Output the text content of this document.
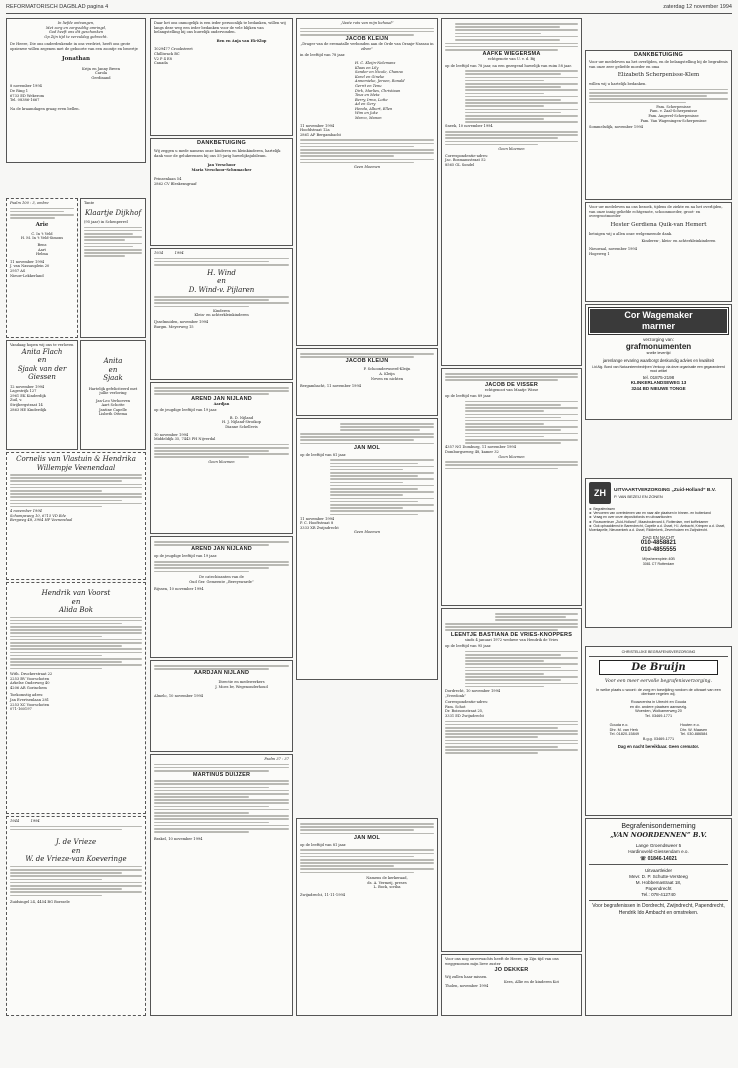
REFORMATORISCH DAGBLAD pagina 4	zaterdag 12 november 1994
In liefde ontvangen,
Met zorg en zorgvuldig omringd,
God heeft ons dit geschonken
Op Zijn tijd te vervuldag gebracht.
De Heere, Die ons onderdrukende in ons verdriet, heeft ons grote opzienwe willen zegenen met de geboorte van een zoontje en broertje
Jonathan
Krijn en Janny Breen
Carola
Gerdinand
8 november 1994
De Ring 1
6733 ED Wekerom
Tel. 08386-1667
Na de kraamdagen graag even bellen.
Psalm 100 : 3, ombre
Arie
C. In 't Veld
H. M. In 't Veld-Simons
Bens
Aart
Helma
11 november 1994
J. van Nassauplein 20
2957 AS
Nieuw-Lekkerland
Tante
Klaartje Dijkhof
(95 jaar) in Schenperrel
Vandaag hopen wij ons te verloven
Anita Flach
en
Sjaak van der Giessen
12 november 1994
Lagestrijk 127
2961 EK Kinderdijk
Zuil, v.
Strijbergstraat 14
2863 HE Kinderdijk
Anita
en
Sjaak
Hartelijk gefeliciteerd met jullie verloving
Jan-Leo Verhoeven
Aart Schotte
Jantine Capelle
Lisbeth Ottema
Cornelis van Vlastuin & Hendrika Willempje Veenendaal
4 november 1994
Schampsweg 10, 6715 VD Ede
Bergweg 48, 3904 HP Veenendaal
Hendrik van Voorst
en
Alida Bok
With. Druckerstraat 22
2253 BV Voorschoten
Arkelse Onderweg 40
4206 AR Gorinchem
Toekomstig adres:
Jan Evertsenlaan 281
2253 XC Voorschoten
071-160197
1944          1994
J. de Vrieze
en
W. de Vrieze-van Koeveringe
Zuidsingel 24, 4454 BG Borssele
Daar het ons onmogelijk is een ieder persoonlijk te bedanken, willen wij langs deze weg een ieder bedanken voor de vele blijken van belangstelling bij ons huwelijk ondervonden.
Ben en Anja van Ek-Klop
1029477 Crookstreet
Chilliwack BC
V2 P 4 E8
Canada
DANKBETUIGING
Wij zeggen u mede namens onze kinderen en kleinkinderen, hartelijk dank voor de gelukwensen bij ons 55-jarig huwelijksjubileum.
Jan Verschoor
Maria Verschoor-Schumacher
Prinsenlaan 54
2862 CV Bleskensgraaf
1934          1994
H. Wind
en
D. Wind-v. Pijlaren
Kinderen
Klein- en achterkleinkinderen
IJsselmuiden, november 1994
Burgm. Meyerweg 15
AREND JAN NIJLAND
Aardjan
op de jeugdige leeftijd van 19 jaar.
B. D. Nijland
H. J. Nijland-Stroikop
Dianne Schellevis
10 november 1994
Middeldijk 35, 7443 PH Nijverdal
Geen bloemen
AREND JAN NIJLAND
op de jeugdige leeftijd van 19 jaar.
De catechisanten van de
Oud Ger. Gemeente „Bereyswarde”
Rijssen, 10 november 1994
AARDJAN NIJLAND
Directie en medewerkers
J. Moes bv, Wegenonderhoud
Almelo, 10 november 1994
Psalm 37 : 37
MARTINUS DUIJZER
Brakel, 10 november 1994
„Vaste rots van mijn behoud”
JACOB KLEIJN
„Drager van de erematalle verbonden aan de Orde van Oranje-Nassau in zilver”
in de leeftijd van 78 jaar.
H. C. Kleijn-Nelemans
Klaas en Lily
Sander en Nicole, Channa
Karel en Gineke
Annemieke, Jeroen, Ronald
Gerrit en Tenu
Dirk, Marlies, Christiaan
Teus en Meta
Berry, Irma, Lotte
Ad en Gery
Henda, Albert, Ellen
Wim en Joke
Marco, Manon
11 november 1994
Hoofdstraat 12a
2861 AP Bergambacht
Geen bloemen
JACOB KLEIJN
P. Schoonderwoerd-Kleijn
A. Kleijn
Neven en nichten
Bergambacht, 11 november 1994
JAN MOL
op de leeftijd van 81 jaar.
11 november 1994
P. C. Hooftstraat 8
3333 XR Zwijndrecht
Geen bloemen
JAN MOL
op de leeftijd van 81 jaar.
Namens de kerkeraad,
ds. A. Vermeij, preses
L. Bock, scriba
Zwijndrecht, 11-11-1994
AAFKE WIEGERSMA
echtgenote van U. v. d. Bij
op de leeftijd van 78 jaar, na een gezegend huwelijk van ruim 58 jaar.
Sneek, 10 november 1994
Geen bloemen
Correspondentie-adres:
Jac. Bosmansstraat 52
8565 GL Sondel
JACOB DE VISSER
echtgenoot van Maatje Wisse
op de leeftijd van 89 jaar.
4357 NG Domburg, 11 november 1994
Domburgseweg 48, kamer 32
Geen bloemen
LEENTJE BASTIANA DE VRIES-KNOPPERS
sinds 4 januari 1972 weduwe van Hendrik de Vries
op de leeftijd van 95 jaar.
Dordrecht, 10 november 1994
„Vreedonk”
Correspondentie-adres:
Fam. Schot
Dr. Boissonstraat 25,
3331 ED Zwijndrecht
Voor ons nog onverwachts heeft de Heere, op Zijn tijd van ons weggenomen mijn lieve zuster
JO DEKKER
Wij zullen haar missen.
Kees, Allie en de kinderen Kot
Tholen, november 1994
DANKBETUIGING
Voor uw medeleven na het overlijden, en de belangstelling bij de begrafenis van onze zeer geliefde moeder en oma
Elizabeth Scherpenisse-Klem
willen wij u hartelijk bedanken.
Fam. Scherpenisse
Fam. v. Zaal-Scherpenisse
Fam. Angevel-Scherpenisse
Fam. Van Wageningen-Scherpenisse
Sommelsdijk, november 1994
Voor uw medeleven na ons bezoek, tijdens de ziekte en na het overlijden, van onze innig geliefde echtgenote, schoonmoeder, groot- en overgrootmoeder
Hester Gerdiena Quik-van Hemert
betuigen wij u allen onze welgemeende dank.
Kinderen-, klein- en achterkleinkinderen
Nieuwaal, november 1994
Hogeweg 1
Cor Wagemaker
marmer
verzorging van:
grafmonumenten
snelle levertijd
jarenlange ervaring waarborgt deskundig advies en kwaliteit
Lid Alg. Bond van Natuursteenbedrijven Verkoop via deze organisatie een gegarandeerd mooi artikel
tel. 01875-2198
KLINKERLANDSEWEG 13
3244 BD NIEUWE TONGE
ZH	UITVAARTVERZORGING „Zuid-Holland” B.V.
P. VAN BEZEIJ EN ZONEN
► Begrafenissen
► Vervoeren van overledenen van en naar alle plaatsen in binnen- en buitenland
► Vraag en over onze depositofonds en uitvaartkosten
► Rouwcentrum „Zuid-Holland”, Maasboulevard 4, Rotterdam, met koffiekamer
► Ook ophaaldienst in Barendrecht, Capelle a.d. IJssel, H.I. Ambacht, Krimpen a.d. IJssel, Moerkapelle, Nieuwerkerk a.d. IJssel, Ridderkerk, Zevenhuizen en Zwijndrecht.
DAG EN NACHT
010-4858821
010-4855555
Mijnsherenplein 40B
3081 CT Rotterdam
CHRISTELIJKE BEGRAFENISVERZORGING
De Bruijn
Voor een meer eervolle begrafenisverzorging.
In welke plaats u woont: de zorg en toewijding rondom de uitvaart van een dierbare regelen wij.
Rouwcentra in Utrecht en Gouda
en div. andere plaatsen aanwezig.
Woerden, Wolkamerweg 20
Tel. 03469-1771
Gouda e.o.
Dhr. M. van Herk
Tel. 01820-15849
Houten e.o.
Dhr. W. Maasen
Tel. 030-886584
B.g.g. 03469-1771
Dag en nacht bereikbaar. Geen cremator.
Begrafenisonderneming
„VAN NOORDENNEN” B.V.
Lange Groendsweer 5
Hardinxveld-Giessendam e.o.
☏ 01846-14021
Uitvaartleider
Mevr. D. P. Schutte-Versteeg
M. Hobbemastraat 18,
Papendrecht
Tel.: 078-412740
Voor begrafenissen in Dordrecht, Zwijndrecht, Papendrecht, Hendrik Ido Ambacht en omstreken.
